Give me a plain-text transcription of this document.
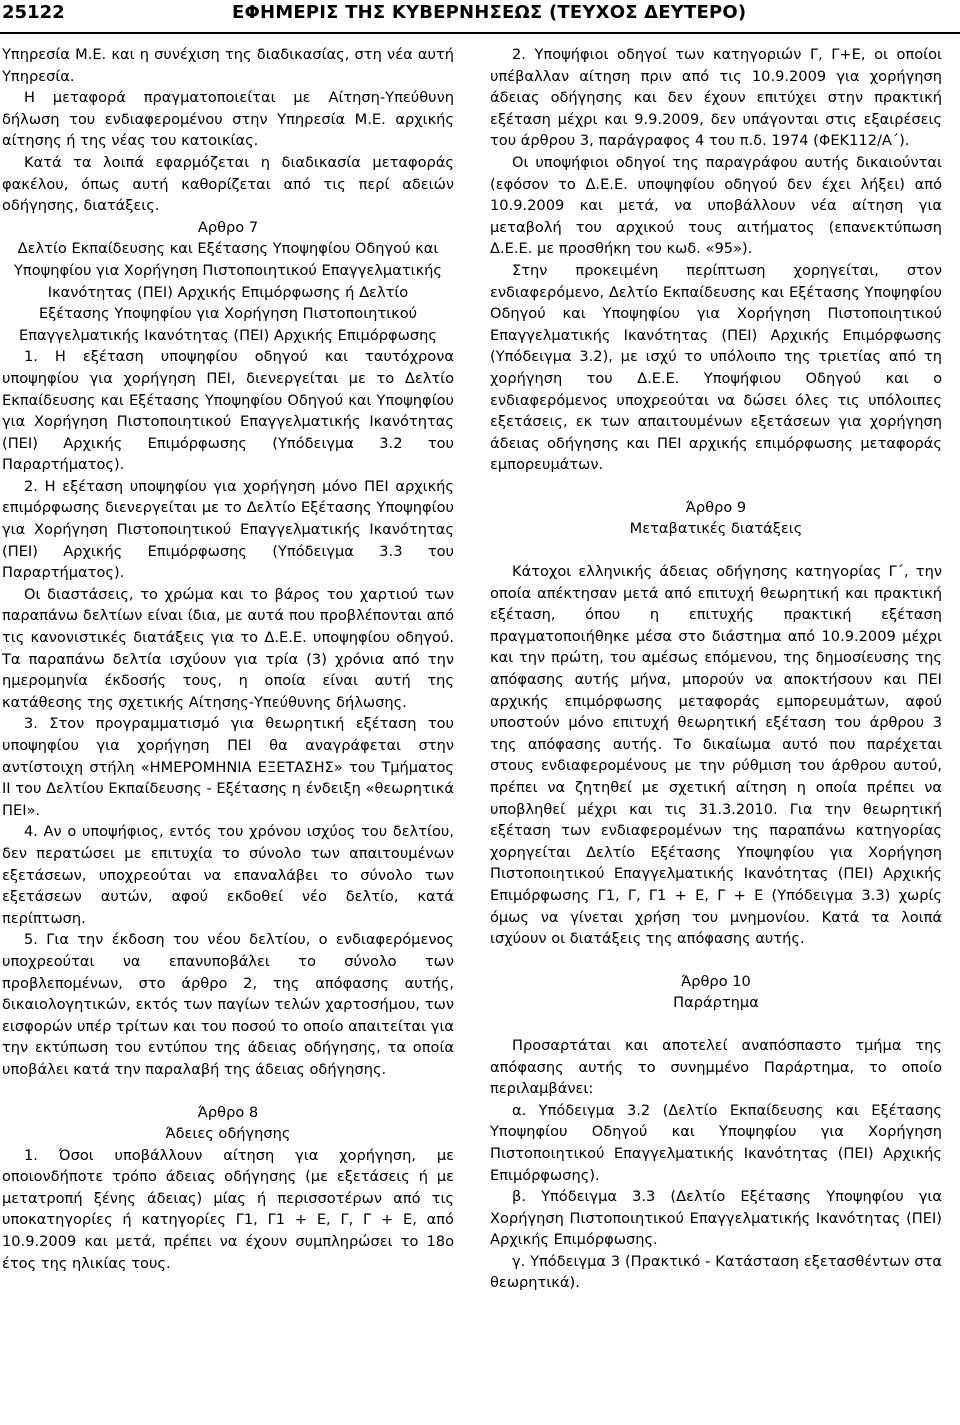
25122	ΕΦΗΜΕΡΙΣ ΤΗΣ ΚΥΒΕΡΝΗΣΕΩΣ (ΤΕΥΧΟΣ ΔΕΥΤΕΡΟ)

Υπηρεσία Μ.Ε. και η συνέχιση της διαδικασίας, στη νέα αυτή Υπηρεσία.

Η μεταφορά πραγματοποιείται με Αίτηση-Υπεύθυνη δήλωση του ενδιαφερομένου στην Υπηρεσία Μ.Ε. αρχικής αίτησης ή της νέας του κατοικίας.

Κατά τα λοιπά εφαρμόζεται η διαδικασία μεταφοράς φακέλου, όπως αυτή καθορίζεται από τις περί αδειών οδήγησης, διατάξεις.

Αρθρο 7

Δελτίο Εκπαίδευσης και Εξέτασης Υποψηφίου Οδηγού και Υποψηφίου για Χορήγηση Πιστοποιητικού Επαγγελματικής Ικανότητας (ΠΕΙ) Αρχικής Επιμόρφωσης ή Δελτίο Εξέτασης Υποψηφίου για Χορήγηση Πιστοποιητικού Επαγγελματικής Ικανότητας (ΠΕΙ) Αρχικής Επιμόρφωσης

1. Η εξέταση υποψηφίου οδηγού και ταυτόχρονα υποψηφίου για χορήγηση ΠΕΙ, διενεργείται με το Δελτίο Εκπαίδευσης και Εξέτασης Υποψηφίου Οδηγού και Υποψηφίου για Χορήγηση Πιστοποιητικού Επαγγελματικής Ικανότητας (ΠΕΙ) Αρχικής Επιμόρφωσης (Υπόδειγμα 3.2 του Παραρτήματος).

2. Η εξέταση υποψηφίου για χορήγηση μόνο ΠΕΙ αρχικής επιμόρφωσης διενεργείται με το Δελτίο Εξέτασης Υποψηφίου για Χορήγηση Πιστοποιητικού Επαγγελματικής Ικανότητας (ΠΕΙ) Αρχικής Επιμόρφωσης (Υπόδειγμα 3.3 του Παραρτήματος).

Οι διαστάσεις, το χρώμα και το βάρος του χαρτιού των παραπάνω δελτίων είναι ίδια, με αυτά που προβλέπονται από τις κανονιστικές διατάξεις για το Δ.Ε.Ε. υποψηφίου οδηγού. Τα παραπάνω δελτία ισχύουν για τρία (3) χρόνια από την ημερομηνία έκδοσής τους, η οποία είναι αυτή της κατάθεσης της σχετικής Αίτησης-Υπεύθυνης δήλωσης.

3. Στον προγραμματισμό για θεωρητική εξέταση του υποψηφίου για χορήγηση ΠΕΙ θα αναγράφεται στην αντίστοιχη στήλη «ΗΜΕΡΟΜΗΝΙΑ ΕΞΕΤΑΣΗΣ» του Τμήματος ΙΙ του Δελτίου Εκπαίδευσης - Εξέτασης η ένδειξη «θεωρητικά ΠΕΙ».

4. Αν ο υποψήφιος, εντός του χρόνου ισχύος του δελτίου, δεν περατώσει με επιτυχία το σύνολο των απαιτουμένων εξετάσεων, υποχρεούται να επαναλάβει το σύνολο των εξετάσεων αυτών, αφού εκδοθεί νέο δελτίο, κατά περίπτωση.

5. Για την έκδοση του νέου δελτίου, ο ενδιαφερόμενος υποχρεούται να επανυποβάλει το σύνολο των προβλεπομένων, στο άρθρο 2, της απόφασης αυτής, δικαιολογητικών, εκτός των παγίων τελών χαρτοσήμου, των εισφορών υπέρ τρίτων και του ποσού το οποίο απαιτείται για την εκτύπωση του εντύπου της άδειας οδήγησης, τα οποία υποβάλει κατά την παραλαβή της άδειας οδήγησης.

Άρθρο 8

Άδειες οδήγησης

1. Όσοι υποβάλλουν αίτηση για χορήγηση, με οποιονδήποτε τρόπο άδειας οδήγησης (με εξετάσεις ή με μετατροπή ξένης άδειας) μίας ή περισσοτέρων από τις υποκατηγορίες ή κατηγορίες Γ1, Γ1 + Ε, Γ, Γ + Ε, από 10.9.2009 και μετά, πρέπει να έχουν συμπληρώσει το 18ο έτος της ηλικίας τους.

2. Υποψήφιοι οδηγοί των κατηγοριών Γ, Γ+Ε, οι οποίοι υπέβαλλαν αίτηση πριν από τις 10.9.2009 για χορήγηση άδειας οδήγησης και δεν έχουν επιτύχει στην πρακτική εξέταση μέχρι και 9.9.2009, δεν υπάγονται στις εξαιρέσεις του άρθρου 3, παράγραφος 4 του π.δ. 1974 (ΦΕΚ112/Α΄).

Οι υποψήφιοι οδηγοί της παραγράφου αυτής δικαιούνται (εφόσον το Δ.Ε.Ε. υποψηφίου οδηγού δεν έχει λήξει) από 10.9.2009 και μετά, να υποβάλλουν νέα αίτηση για μεταβολή του αρχικού τους αιτήματος (επανεκτύπωση Δ.Ε.Ε. με προσθήκη του κωδ. «95»).

Στην προκειμένη περίπτωση χορηγείται, στον ενδιαφερόμενο, Δελτίο Εκπαίδευσης και Εξέτασης Υποψηφίου Οδηγού και Υποψηφίου για Χορήγηση Πιστοποιητικού Επαγγελματικής Ικανότητας (ΠΕΙ) Αρχικής Επιμόρφωσης (Υπόδειγμα 3.2), με ισχύ το υπόλοιπο της τριετίας από τη χορήγηση του Δ.Ε.Ε. Υποψήφιου Οδηγού και ο ενδιαφερόμενος υποχρεούται να δώσει όλες τις υπόλοιπες εξετάσεις, εκ των απαιτουμένων εξετάσεων για χορήγηση άδειας οδήγησης και ΠΕΙ αρχικής επιμόρφωσης μεταφοράς εμπορευμάτων.

Άρθρο 9

Μεταβατικές διατάξεις

Κάτοχοι ελληνικής άδειας οδήγησης κατηγορίας Γ΄, την οποία απέκτησαν μετά από επιτυχή θεωρητική και πρακτική εξέταση, όπου η επιτυχής πρακτική εξέταση πραγματοποιήθηκε μέσα στο διάστημα από 10.9.2009 μέχρι και την πρώτη, του αμέσως επόμενου, της δημοσίευσης της απόφασης αυτής μήνα, μπορούν να αποκτήσουν και ΠΕΙ αρχικής επιμόρφωσης μεταφοράς εμπορευμάτων, αφού υποστούν μόνο επιτυχή θεωρητική εξέταση του άρθρου 3 της απόφασης αυτής. Το δικαίωμα αυτό που παρέχεται στους ενδιαφερομένους με την ρύθμιση του άρθρου αυτού, πρέπει να ζητηθεί με σχετική αίτηση η οποία πρέπει να υποβληθεί μέχρι και τις 31.3.2010. Για την θεωρητική εξέταση των ενδιαφερομένων της παραπάνω κατηγορίας χορηγείται Δελτίο Εξέτασης Υποψηφίου για Χορήγηση Πιστοποιητικού Επαγγελματικής Ικανότητας (ΠΕΙ) Αρχικής Επιμόρφωσης Γ1, Γ, Γ1 + Ε, Γ + Ε (Υπόδειγμα 3.3) χωρίς όμως να γίνεται χρήση του μνημονίου. Κατά τα λοιπά ισχύουν οι διατάξεις της απόφασης αυτής.

Άρθρο 10

Παράρτημα

Προσαρτάται και αποτελεί αναπόσπαστο τμήμα της απόφασης αυτής το συνημμένο Παράρτημα, το οποίο περιλαμβάνει:

α. Υπόδειγμα 3.2 (Δελτίο Εκπαίδευσης και Εξέτασης Υποψηφίου Οδηγού και Υποψηφίου για Χορήγηση Πιστοποιητικού Επαγγελματικής Ικανότητας (ΠΕΙ) Αρχικής Επιμόρφωσης).

β. Υπόδειγμα 3.3 (Δελτίο Εξέτασης Υποψηφίου για Χορήγηση Πιστοποιητικού Επαγγελματικής Ικανότητας (ΠΕΙ) Αρχικής Επιμόρφωσης.

γ. Υπόδειγμα 3 (Πρακτικό - Κατάσταση εξετασθέντων στα θεωρητικά).
